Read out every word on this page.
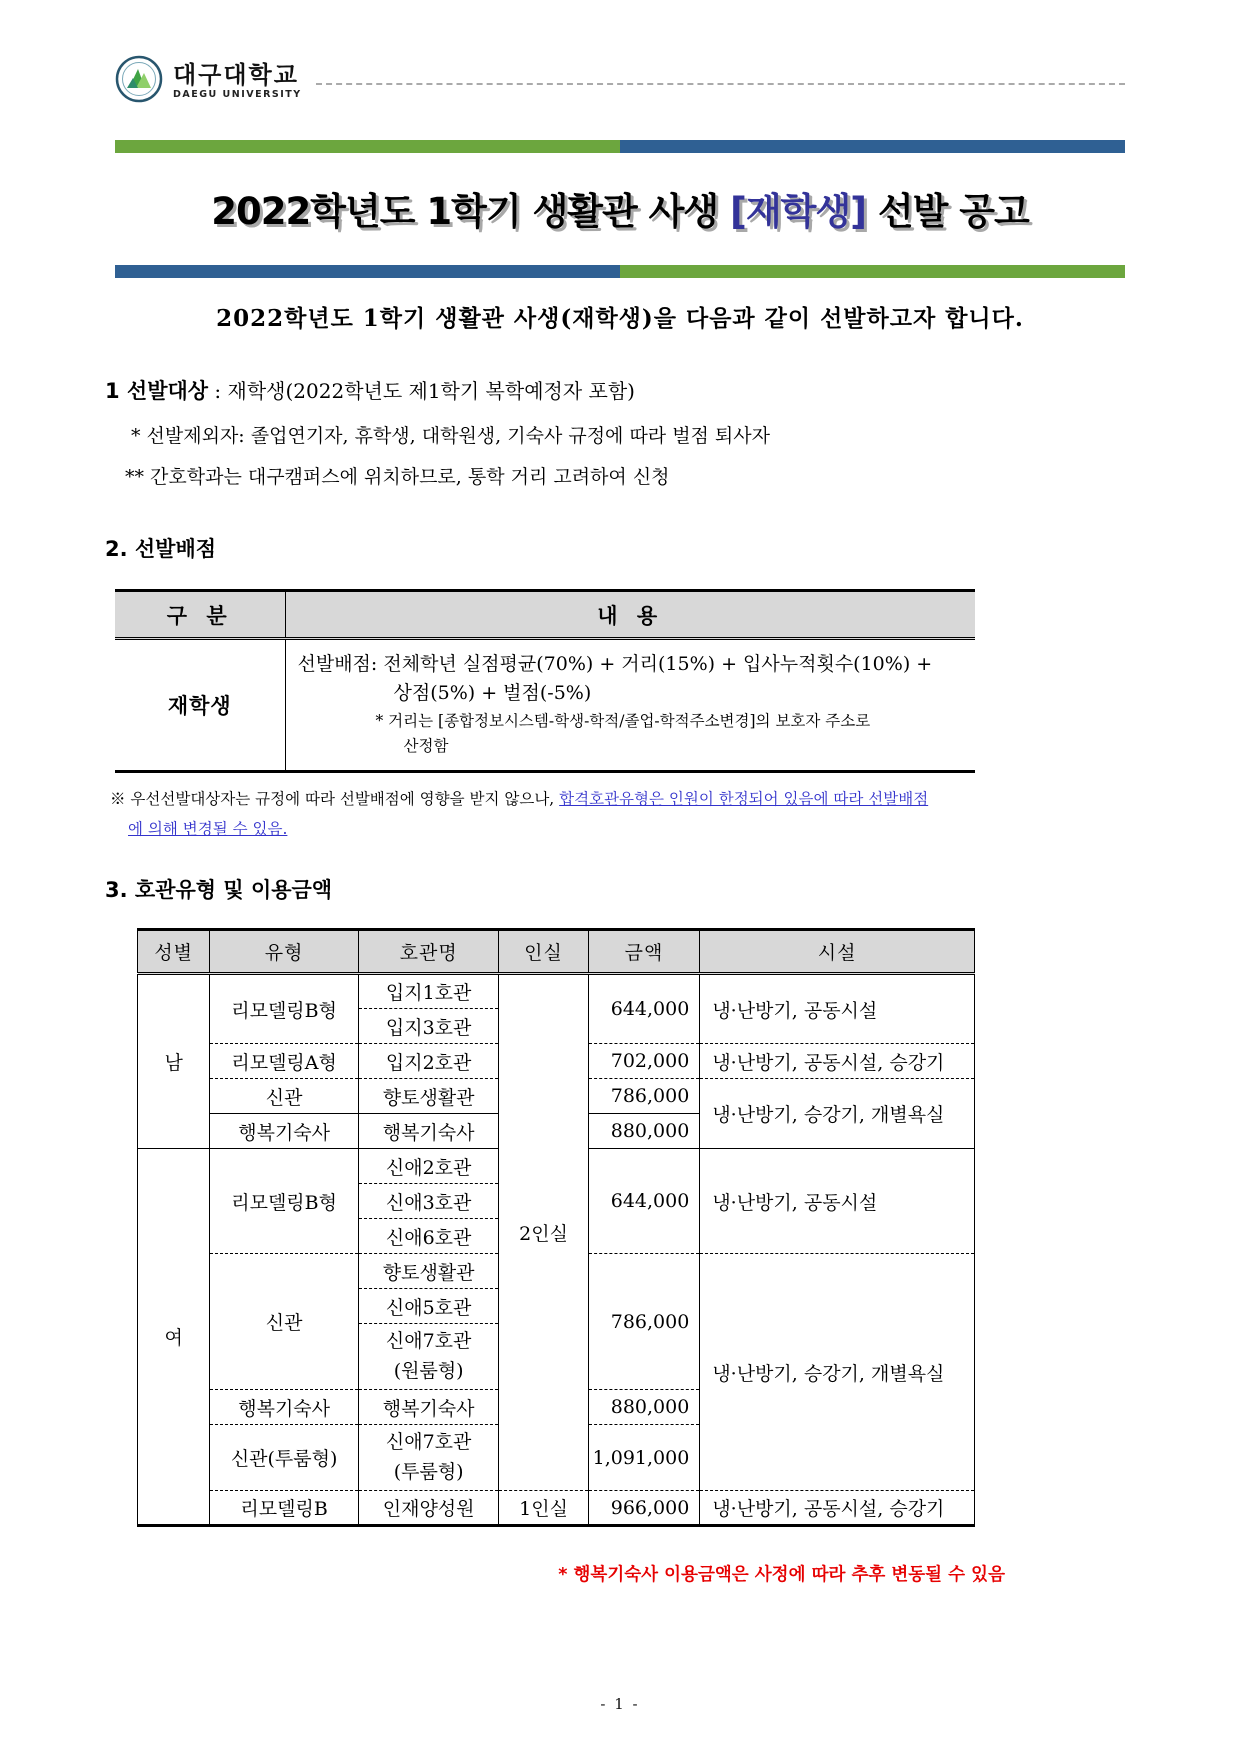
대구대학교
DAEGU UNIVERSITY
2022학년도 1학기 생활관 사생 [재학생] 선발 공고
2022학년도 1학기 생활관 사생(재학생)을 다음과 같이 선발하고자 합니다.
1 선발대상 : 재학생(2022학년도 제1학기 복학예정자 포함)
* 선발제외자: 졸업연기자, 휴학생, 대학원생, 기숙사 규정에 따라 벌점 퇴사자
** 간호학과는 대구캠퍼스에 위치하므로, 통학 거리 고려하여 신청
2. 선발배점
구 분	내 용
재학생	선발배점: 전체학년 실점평균(70%) + 거리(15%) + 입사누적횟수(10%) +
상점(5%) + 벌점(-5%)
* 거리는 [종합정보시스템-학생-학적/졸업-학적주소변경]의 보호자 주소로
산정함
※ 우선선발대상자는 규정에 따라 선발배점에 영향을 받지 않으나, 합격호관유형은 인원이 한정되어 있음에 따라 선발배점
에 의해 변경될 수 있음.
3. 호관유형 및 이용금액
성별	유형	호관명	인실	금액	시설
남	리모델링B형	입지1호관	2인실	644,000	냉·난방기, 공동시설
		입지3호관			
	리모델링A형	입지2호관		702,000	냉·난방기, 공동시설, 승강기
	신관	향토생활관		786,000	냉·난방기, 승강기, 개별욕실
	행복기숙사	행복기숙사		880,000	
여	리모델링B형	신애2호관		644,000	냉·난방기, 공동시설
		신애3호관			
		신애6호관			
	신관	향토생활관		786,000	냉·난방기, 승강기, 개별욕실
		신애5호관			

		신애7호관
(원룸형)			

	행복기숙사	행복기숙사		880,000	
	신관(투룸형)	신애7호관
(투룸형)		1,091,000	
	리모델링B	인재양성원	1인실	966,000	냉·난방기, 공동시설, 승강기
* 행복기숙사 이용금액은 사정에 따라 추후 변동될 수 있음
- 1 -
